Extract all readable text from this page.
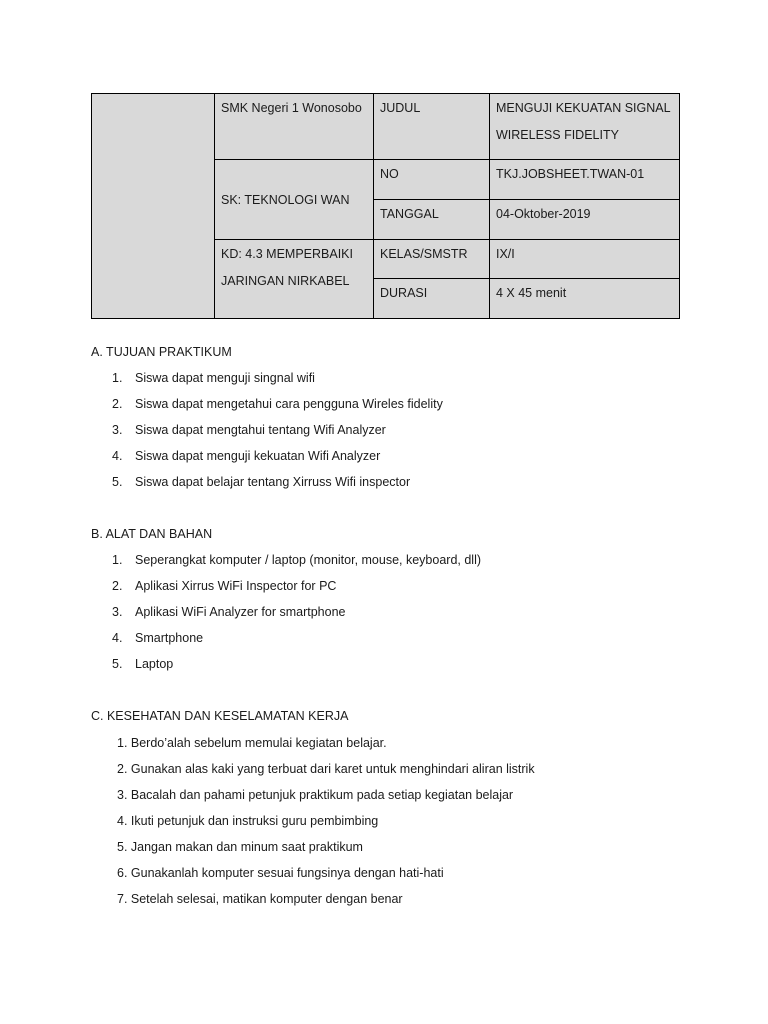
	SMK Negeri 1 Wonosobo	JUDUL	MENGUJI KEKUATAN SIGNAL
WIRELESS FIDELITY

	SK: TEKNOLOGI WAN	NO	TKJ.JOBSHEET.TWAN-01

		TANGGAL	04-Oktober-2019

	KD: 4.3 MEMPERBAIKI
JARINGAN NIRKABEL	KELAS/SMSTR	IX/I

		DURASI	4 X 45 menit
A. TUJUAN PRAKTIKUM
1.	Siswa dapat menguji singnal wifi
2.	Siswa dapat mengetahui cara pengguna Wireles fidelity
3.	Siswa dapat mengtahui tentang Wifi Analyzer
4.	Siswa dapat menguji kekuatan Wifi Analyzer
5.	Siswa dapat belajar tentang Xirruss Wifi inspector
B. ALAT DAN BAHAN
1.	Seperangkat komputer / laptop (monitor, mouse, keyboard, dll)
2.	Aplikasi Xirrus WiFi Inspector for PC
3.	Aplikasi WiFi Analyzer for smartphone
4.	Smartphone
5.	Laptop
C. KESEHATAN DAN KESELAMATAN KERJA
1. Berdo’alah sebelum memulai kegiatan belajar.
2. Gunakan alas kaki yang terbuat dari karet untuk menghindari aliran listrik
3. Bacalah dan pahami petunjuk praktikum pada setiap kegiatan belajar
4. Ikuti petunjuk dan instruksi guru pembimbing
5. Jangan makan dan minum saat praktikum
6. Gunakanlah komputer sesuai fungsinya dengan hati-hati
7. Setelah selesai, matikan komputer dengan benar
